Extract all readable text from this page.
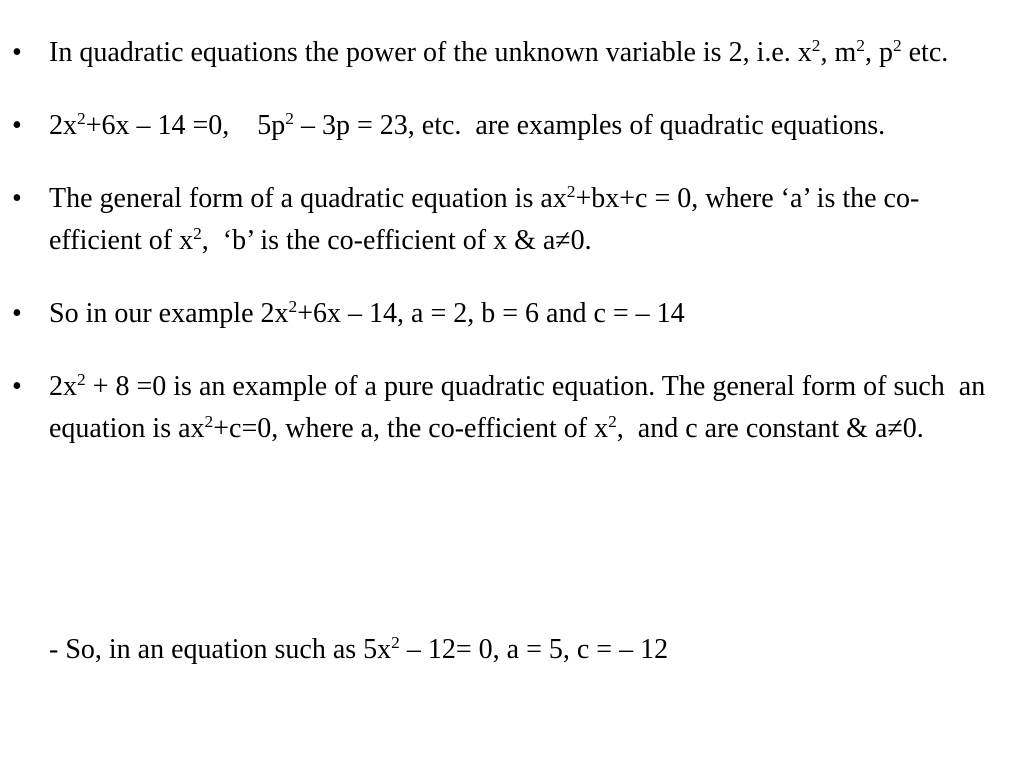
• In quadratic equations the power of the unknown variable is 2, i.e. $x^2$, $m^2$, $p^2$ etc.
• $2x^2+6x - 14 =0$,    $5p^2 - 3p = 23$, etc.  are examples of quadratic equations.
• The general form of a quadratic equation is $ax^2+bx+c = 0$, where ‘a’ is the co-efficient of $x^2$,  ‘b’ is the co-efficient of x & a≠0.
• So in our example $2x^2+6x - 14$, a = 2, b = 6 and c = – 14
• $2x^2 + 8 =0$ is an example of a pure quadratic equation. The general form of such  an equation is $ax^2+c=0$, where a, the co-efficient of $x^2$,  and c are constant & a≠0.
- So, in an equation such as $5x^2 - 12= 0$, a = 5, c = – 12
